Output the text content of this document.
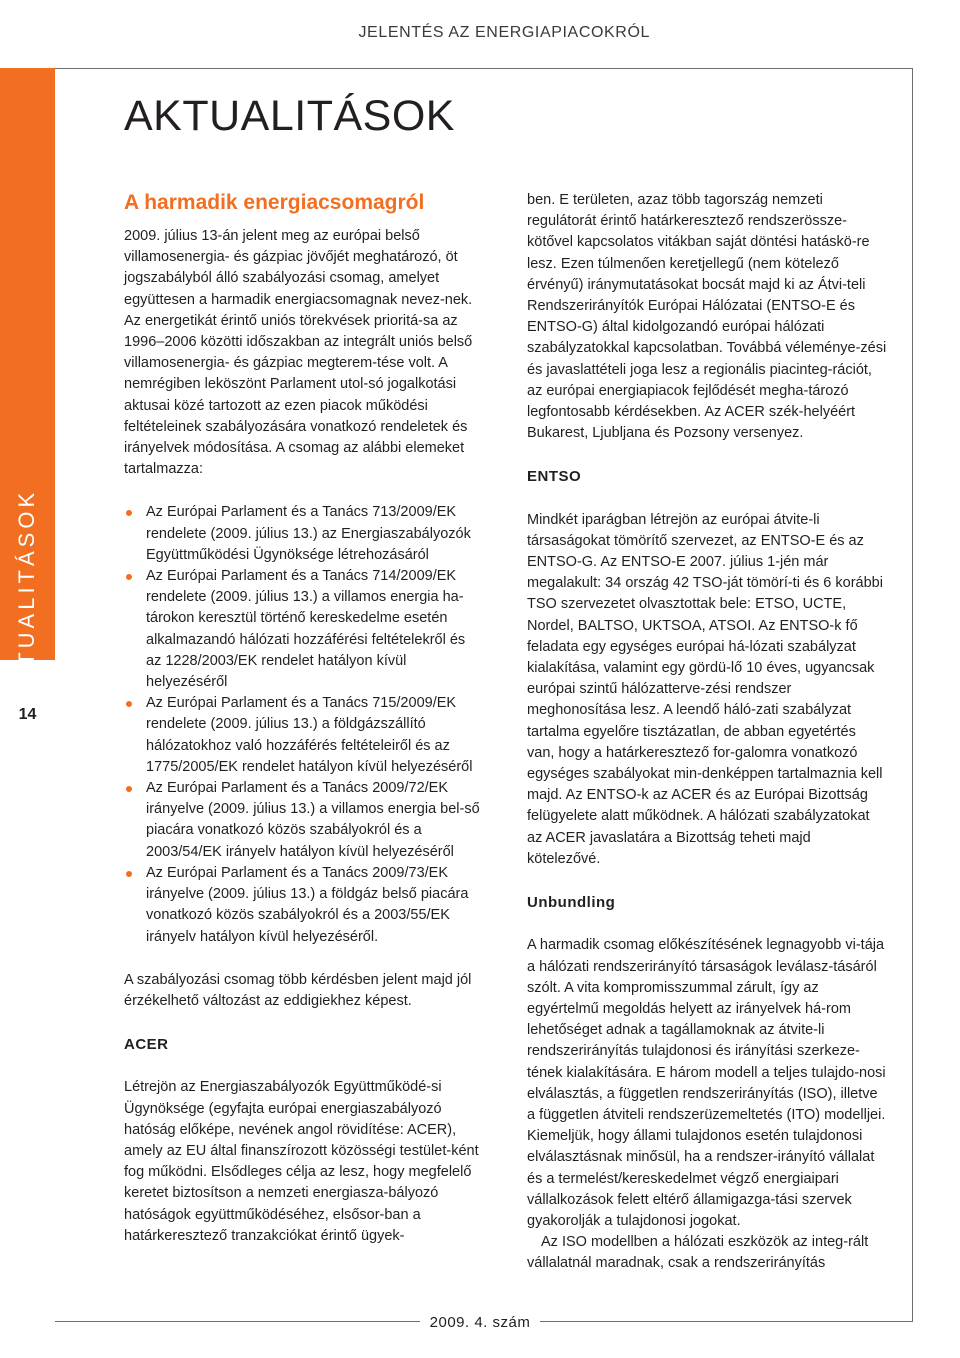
JELENTÉS AZ ENERGIAPIACOKRÓL
AKTUALITÁSOK
14
AKTUALITÁSOK
A harmadik energiacsomagról

2009. július 13-án jelent meg az európai belső villamosenergia- és gázpiac jövőjét meghatározó, öt jogszabályból álló szabályozási csomag, amelyet együttesen a harmadik energiacsomagnak nevez-nek. Az energetikát érintő uniós törekvések prioritá-sa az 1996–2006 közötti időszakban az integrált uniós belső villamosenergia- és gázpiac megterem-tése volt. A nemrégiben leköszönt Parlament utol-só jogalkotási aktusai közé tartozott az ezen piacok működési feltételeinek szabályozására vonatkozó rendeletek és irányelvek módosítása. A csomag az alábbi elemeket tartalmazza:

Az Európai Parlament és a Tanács 713/2009/EK rendelete (2009. július 13.) az Energiaszabályozók Együttműködési Ügynöksége létrehozásáról
Az Európai Parlament és a Tanács 714/2009/EK rendelete (2009. július 13.) a villamos energia ha-tárokon keresztül történő kereskedelme esetén alkalmazandó hálózati hozzáférési feltételekről és az 1228/2003/EK rendelet hatályon kívül helyezéséről
Az Európai Parlament és a Tanács 715/2009/EK rendelete (2009. július 13.) a földgázszállító hálózatokhoz való hozzáférés feltételeiről és az 1775/2005/EK rendelet hatályon kívül helyezéséről
Az Európai Parlament és a Tanács 2009/72/EK irányelve (2009. július 13.) a villamos energia bel-ső piacára vonatkozó közös szabályokról és a 2003/54/EK irányelv hatályon kívül helyezéséről
Az Európai Parlament és a Tanács 2009/73/EK irányelve (2009. július 13.) a földgáz belső piacára vonatkozó közös szabályokról és a 2003/55/EK irányelv hatályon kívül helyezéséről.

A szabályozási csomag több kérdésben jelent majd jól érzékelhető változást az eddigiekhez képest.

ACER

Létrejön az Energiaszabályozók Együttműködé-si Ügynöksége (egyfajta európai energiaszabályozó hatóság előképe, nevének angol rövidítése: ACER), amely az EU által finanszírozott közösségi testület-ként fog működni. Elsődleges célja az lesz, hogy megfelelő keretet biztosítson a nemzeti energiasza-bályozó hatóságok együttműködéséhez, elsősor-ban a határkeresztező tranzakciókat érintő ügyek-

ben. E területen, azaz több tagország nemzeti regulátorát érintő határkeresztező rendszerössze-kötővel kapcsolatos vitákban saját döntési hatáskö-re lesz. Ezen túlmenően keretjellegű (nem kötelező érvényű) iránymutatásokat bocsát majd ki az Átvi-teli Rendszerirányítók Európai Hálózatai (ENTSO-E és ENTSO-G) által kidolgozandó európai hálózati szabályzatokkal kapcsolatban. Továbbá véleménye-zési és javaslattételi joga lesz a regionális piacinteg-rációt, az európai energiapiacok fejlődését megha-tározó legfontosabb kérdésekben. Az ACER szék-helyéért Bukarest, Ljubljana és Pozsony versenyez.

ENTSO

Mindkét iparágban létrejön az európai átvite-li társaságokat tömörítő szervezet, az ENTSO-E és az ENTSO-G. Az ENTSO-E 2007. július 1-jén már megalakult: 34 ország 42 TSO-ját tömörí-ti és 6 korábbi TSO szervezetet olvasztottak bele: ETSO, UCTE, Nordel, BALTSO, UKTSOA, ATSOI. Az ENTSO-k fő feladata egy egységes európai há-lózati szabályzat kialakítása, valamint egy gördü-lő 10 éves, ugyancsak európai szintű hálózatterve-zési rendszer meghonosítása lesz. A leendő háló-zati szabályzat tartalma egyelőre tisztázatlan, de abban egyetértés van, hogy a határkeresztező for-galomra vonatkozó egységes szabályokat min-denképpen tartalmaznia kell majd. Az ENTSO-k az ACER és az Európai Bizottság felügyelete alatt működnek. A hálózati szabályzatokat az ACER javaslatára a Bizottság teheti majd kötelezővé.

Unbundling

A harmadik csomag előkészítésének legnagyobb vi-tája a hálózati rendszerirányító társaságok leválasz-tásáról szólt. A vita kompromisszummal zárult, így az egyértelmű megoldás helyett az irányelvek há-rom lehetőséget adnak a tagállamoknak az átvite-li rendszerirányítás tulajdonosi és irányítási szerkeze-tének kialakítására. E három modell a teljes tulajdo-nosi elválasztás, a független rendszerirányítás (ISO), illetve a független átviteli rendszerüzemeltetés (ITO) modelljei. Kiemeljük, hogy állami tulajdonos esetén tulajdonosi elválasztásnak minősül, ha a rendszer-irányító vállalat és a termelést/kereskedelmet végző energiaipari vállalkozások felett eltérő államigazga-tási szervek gyakorolják a tulajdonosi jogokat.

Az ISO modellben a hálózati eszközök az integ-rált vállalatnál maradnak, csak a rendszerirányítás

2009. 4. szám
